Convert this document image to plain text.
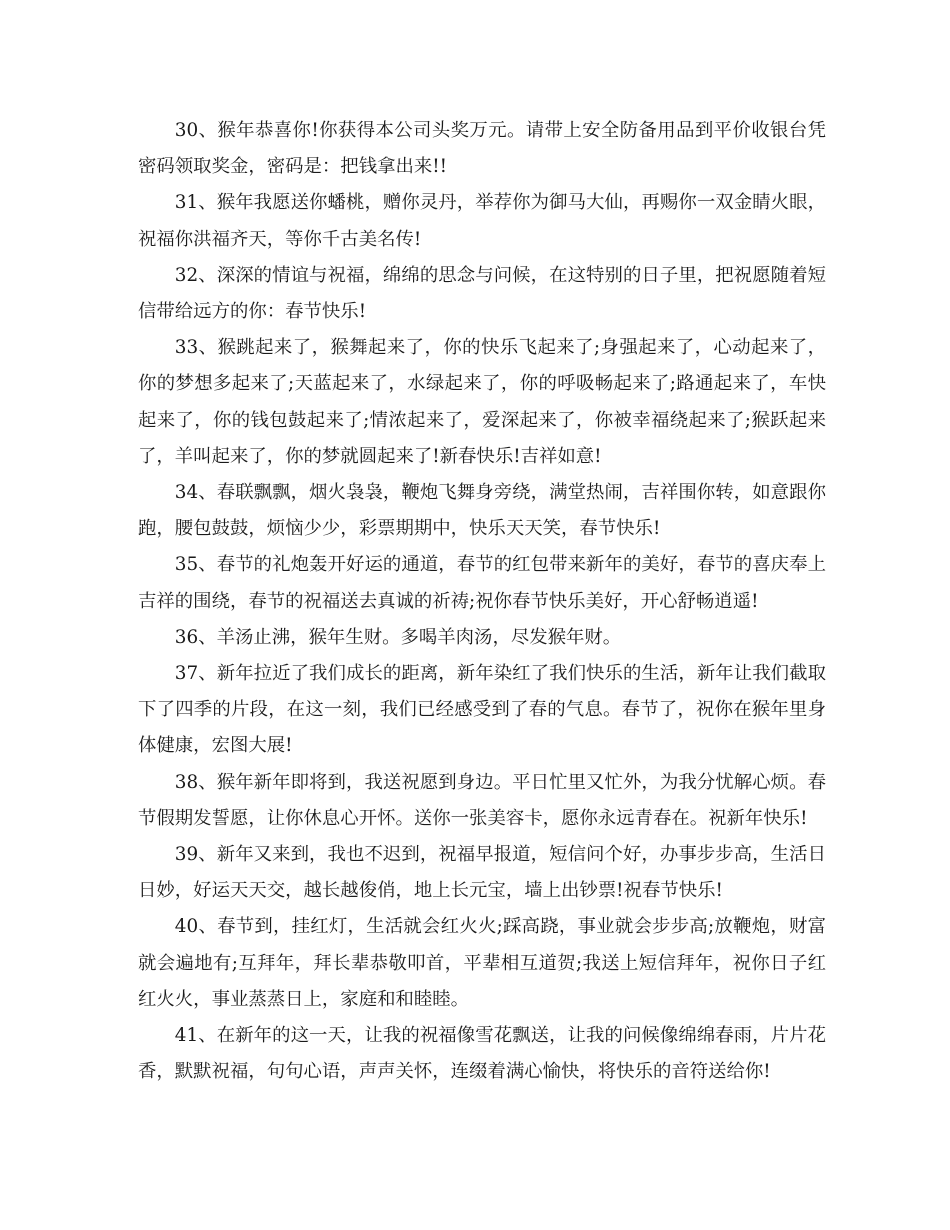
30、猴年恭喜你!你获得本公司头奖万元。请带上安全防备用品到平价收银台凭密码领取奖金，密码是：把钱拿出来!!

31、猴年我愿送你蟠桃，赠你灵丹，举荐你为御马大仙，再赐你一双金睛火眼，祝福你洪福齐天，等你千古美名传!

32、深深的情谊与祝福，绵绵的思念与问候，在这特别的日子里，把祝愿随着短信带给远方的你：春节快乐!

33、猴跳起来了，猴舞起来了，你的快乐飞起来了;身强起来了，心动起来了，你的梦想多起来了;天蓝起来了，水绿起来了，你的呼吸畅起来了;路通起来了，车快起来了，你的钱包鼓起来了;情浓起来了，爱深起来了，你被幸福绕起来了;猴跃起来了，羊叫起来了，你的梦就圆起来了!新春快乐!吉祥如意!

34、春联飘飘，烟火袅袅，鞭炮飞舞身旁绕，满堂热闹，吉祥围你转，如意跟你跑，腰包鼓鼓，烦恼少少，彩票期期中，快乐天天笑，春节快乐!

35、春节的礼炮轰开好运的通道，春节的红包带来新年的美好，春节的喜庆奉上吉祥的围绕，春节的祝福送去真诚的祈祷;祝你春节快乐美好，开心舒畅逍遥!

36、羊汤止沸，猴年生财。多喝羊肉汤，尽发猴年财。

37、新年拉近了我们成长的距离，新年染红了我们快乐的生活，新年让我们截取下了四季的片段，在这一刻，我们已经感受到了春的气息。春节了，祝你在猴年里身体健康，宏图大展!

38、猴年新年即将到，我送祝愿到身边。平日忙里又忙外，为我分忧解心烦。春节假期发誓愿，让你休息心开怀。送你一张美容卡，愿你永远青春在。祝新年快乐!

39、新年又来到，我也不迟到，祝福早报道，短信问个好，办事步步高，生活日日妙，好运天天交，越长越俊俏，地上长元宝，墙上出钞票!祝春节快乐!

40、春节到，挂红灯，生活就会红火火;踩高跷，事业就会步步高;放鞭炮，财富就会遍地有;互拜年，拜长辈恭敬叩首，平辈相互道贺;我送上短信拜年，祝你日子红红火火，事业蒸蒸日上，家庭和和睦睦。

41、在新年的这一天，让我的祝福像雪花飘送，让我的问候像绵绵春雨，片片花香，默默祝福，句句心语，声声关怀，连缀着满心愉快，将快乐的音符送给你!
